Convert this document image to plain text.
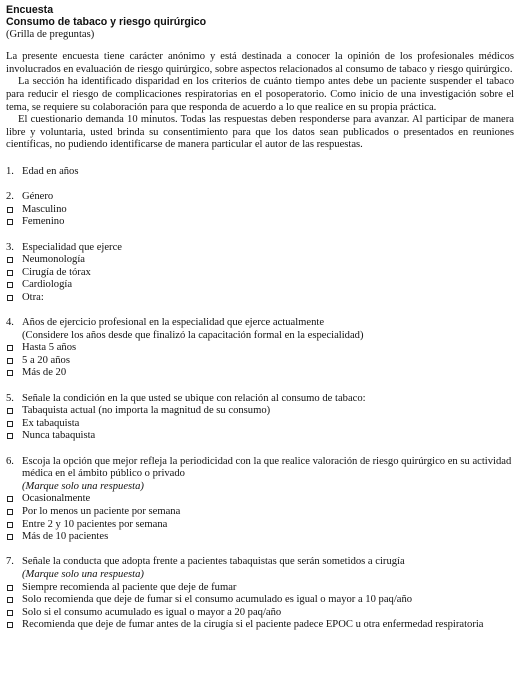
Encuesta
Consumo de tabaco y riesgo quirúrgico
(Grilla de preguntas)

La presente encuesta tiene carácter anónimo y está destinada a conocer la opinión de los profesionales médicos involucrados en evaluación de riesgo quirúrgico, sobre aspectos relacionados al consumo de tabaco y riesgo quirúrgico.

La sección ha identificado disparidad en los criterios de cuánto tiempo antes debe un paciente suspender el tabaco para reducir el riesgo de complicaciones respiratorias en el posoperatorio. Como inicio de una investigación sobre el tema, se requiere su colaboración para que responda de acuerdo a lo que realice en su propia práctica.

El cuestionario demanda 10 minutos. Todas las respuestas deben responderse para avanzar. Al participar de manera libre y voluntaria, usted brinda su consentimiento para que los datos sean publicados o presentados en reuniones científicas, no pudiendo identificarse de manera particular el autor de las respuestas.

1. Edad en años
2. Género
Masculino
Femenino
3. Especialidad que ejerce
Neumonología
Cirugía de tórax
Cardiología
Otra:
4. Años de ejercicio profesional en la especialidad que ejerce actualmente
(Considere los años desde que finalizó la capacitación formal en la especialidad)
Hasta 5 años
5 a 20 años
Más de 20
5. Señale la condición en la que usted se ubique con relación al consumo de tabaco:
Tabaquista actual (no importa la magnitud de su consumo)
Ex tabaquista
Nunca tabaquista
6. Escoja la opción que mejor refleja la periodicidad con la que realice valoración de riesgo quirúrgico en su actividad médica en el ámbito público o privado
(Marque solo una respuesta)
Ocasionalmente
Por lo menos un paciente por semana
Entre 2 y 10 pacientes por semana
Más de 10 pacientes
7. Señale la conducta que adopta frente a pacientes tabaquistas que serán sometidos a cirugía
(Marque solo una respuesta)
Siempre recomienda al paciente que deje de fumar
Solo recomienda que deje de fumar si el consumo acumulado es igual o mayor a 10 paq/año
Solo si el consumo acumulado es igual o mayor a 20 paq/año
Recomienda que deje de fumar antes de la cirugía si el paciente padece EPOC u otra enfermedad respiratoria
